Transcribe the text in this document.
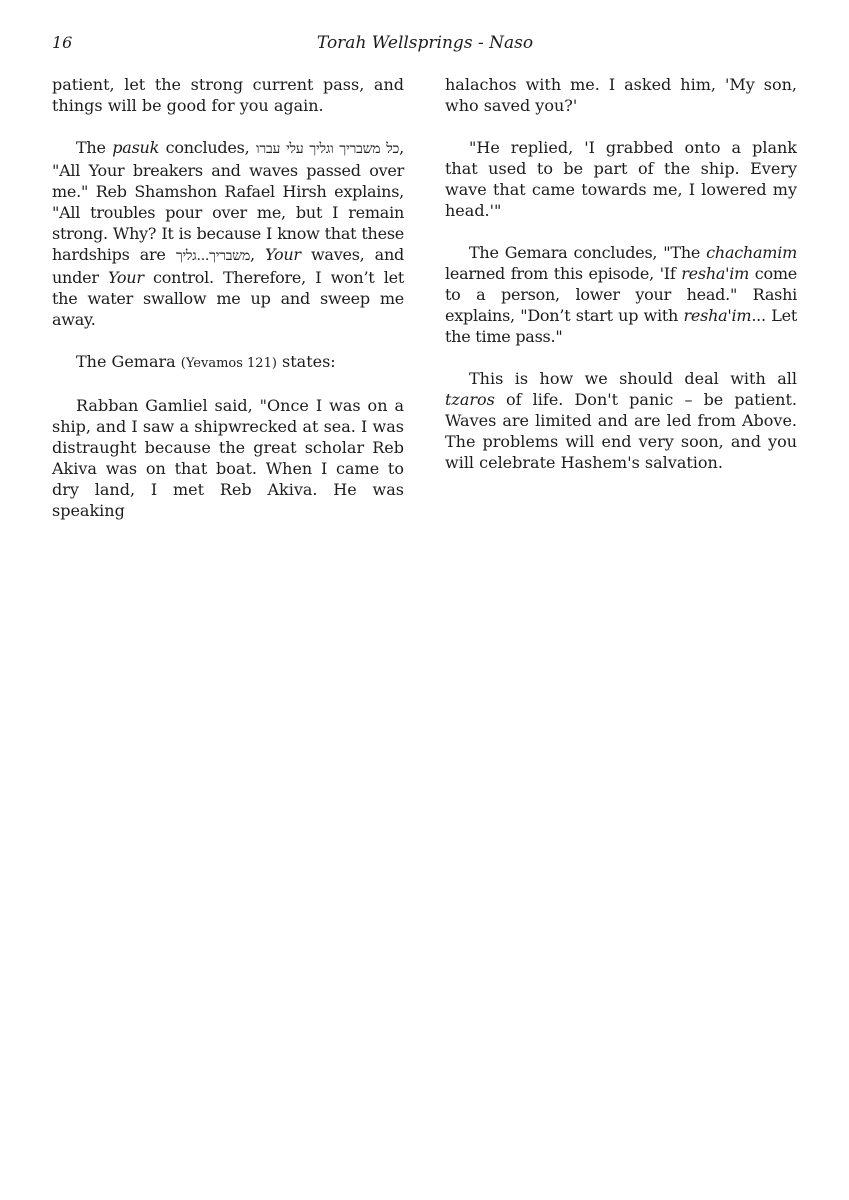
16	Torah Wellsprings - Naso

patient, let the strong current pass, and things will be good for you again.

The pasuk concludes, כל משבריך וגליך עלי עברו, "All Your breakers and waves passed over me." Reb Shamshon Rafael Hirsh explains, "All troubles pour over me, but I remain strong. Why? It is because I know that these hardships are משבריך...גליך, Your waves, and under Your control. Therefore, I won’t let the water swallow me up and sweep me away.

The Gemara (Yevamos 121) states:

Rabban Gamliel said, "Once I was on a ship, and I saw a shipwrecked at sea. I was distraught because the great scholar Reb Akiva was on that boat. When I came to dry land, I met Reb Akiva. He was speaking

halachos with me. I asked him, 'My son, who saved you?'

"He replied, 'I grabbed onto a plank that used to be part of the ship. Every wave that came towards me, I lowered my head.'"

The Gemara concludes, "The chachamim learned from this episode, 'If resha'im come to a person, lower your head." Rashi explains, "Don’t start up with resha'im... Let the time pass."

This is how we should deal with all tzaros of life. Don't panic – be patient. Waves are limited and are led from Above. The problems will end very soon, and you will celebrate Hashem's salvation.
